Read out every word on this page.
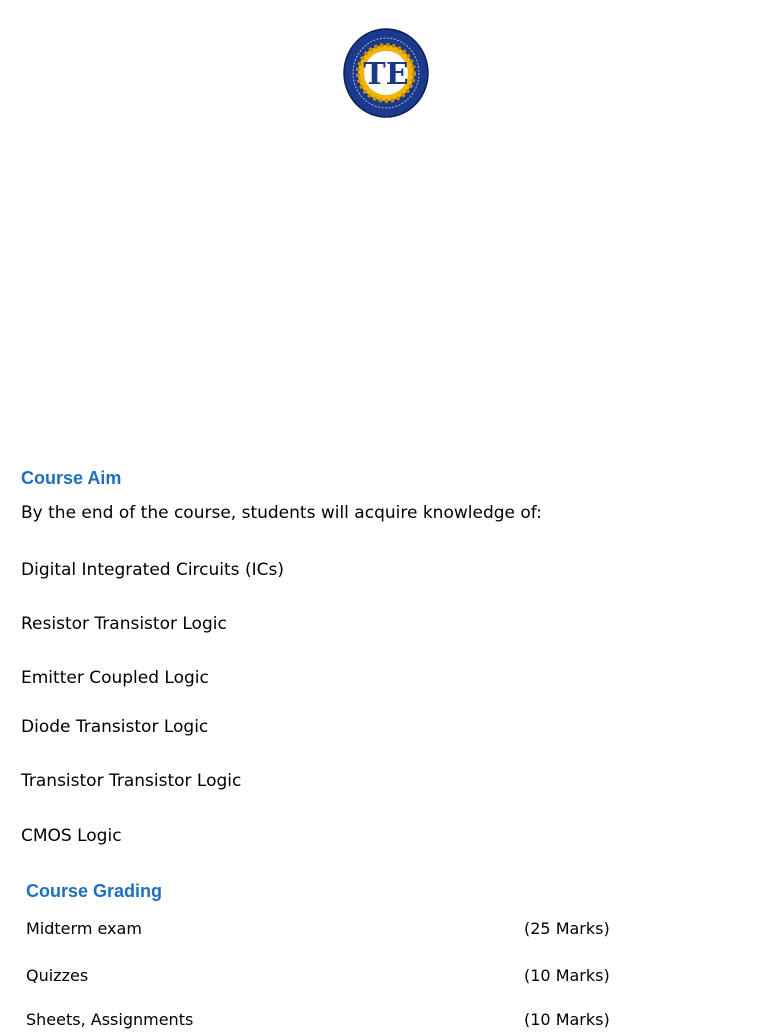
TE
Course Aim

By the end of the course, students will acquire knowledge of:

Digital Integrated Circuits (ICs)
Resistor Transistor Logic
Emitter Coupled Logic
Diode Transistor Logic
Transistor Transistor Logic
CMOS Logic
Course Grading
Midterm exam	(25 Marks)
Quizzes	(10 Marks)
Sheets, Assignments	(10 Marks)
